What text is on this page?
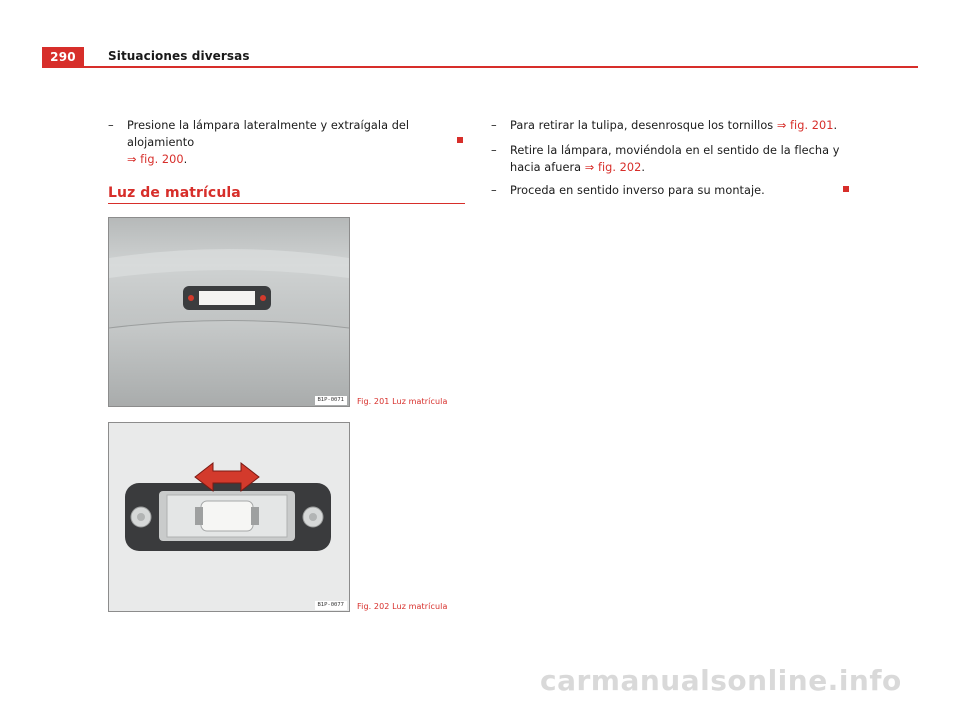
290	Situaciones diversas
– Presione la lámpara lateralmente y extraígala del alojamiento
⇒ fig. 200.
Luz de matrícula
B1P-0071	Fig. 201 Luz matrícula
B1P-0077	Fig. 202 Luz matrícula
– Para retirar la tulipa, desenrosque los tornillos ⇒ fig. 201.
– Retire la lámpara, moviéndola en el sentido de la flecha y hacia afuera ⇒ fig. 202.
– Proceda en sentido inverso para su montaje.
carmanualsonline.info
